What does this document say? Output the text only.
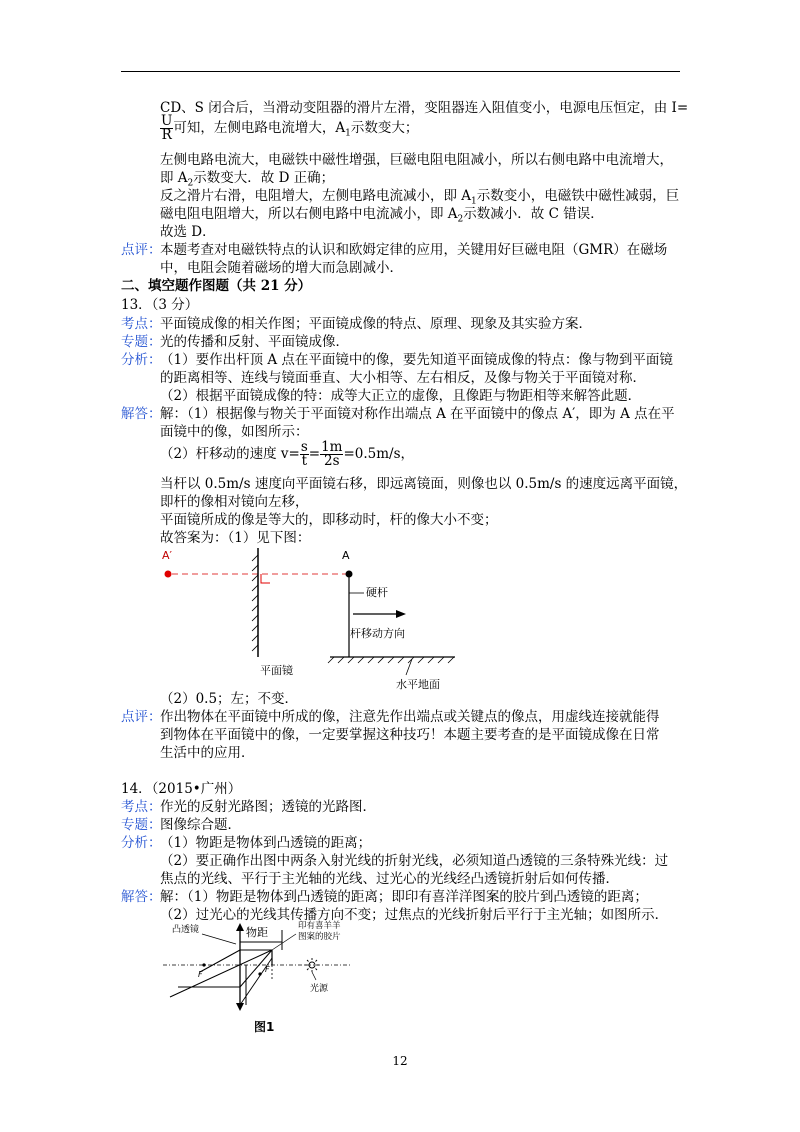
CD、S 闭合后，当滑动变阻器的滑片左滑，变阻器连入阻值变小，电源电压恒定，由 I=
$\frac{U}{R}$ 可知，左侧电路电流增大，$A_1$示数变大；
左侧电路电流大，电磁铁中磁性增强，巨磁电阻电阻减小，所以右侧电路中电流增大，
即 $A_2$示数变大．故 D 正确；
反之滑片右滑，电阻增大，左侧电路电流减小，即 $A_1$示数变小，电磁铁中磁性减弱，巨
磁电阻电阻增大，所以右侧电路中电流减小，即 $A_2$示数减小．故 C 错误．
故选 D．
点评：
本题考查对电磁铁特点的认识和欧姆定律的应用，关键用好巨磁电阻（GMR）在磁场
中，电阻会随着磁场的增大而急剧减小．
二、填空题作图题（共 21 分）
13．（3 分）
考点：
平面镜成像的相关作图；平面镜成像的特点、原理、现象及其实验方案．
专题：
光的传播和反射、平面镜成像．
分析：
（1）要作出杆顶 A 点在平面镜中的像，要先知道平面镜成像的特点：像与物到平面镜
的距离相等、连线与镜面垂直、大小相等、左右相反，及像与物关于平面镜对称．
（2）根据平面镜成像的特：成等大正立的虚像，且像距与物距相等来解答此题．
解答：
解：（1）根据像与物关于平面镜对称作出端点 A 在平面镜中的像点 A′，即为 A 点在平
面镜中的像，如图所示：
（2）杆移动的速度 $v= \frac{s}{t} = \frac{1m}{2s} =0.5m/s$，
当杆以 0.5m/s 速度向平面镜右移，即远离镜面，则像也以 0.5m/s 的速度远离平面镜，
即杆的像相对镜向左移，
平面镜所成的像是等大的，即移动时，杆的像大小不变；
故答案为：（1）见下图：
A′
平面镜
A
硬杆
杆移动方向
水平地面
（2）0.5；左；不变．
点评：
作出物体在平面镜中所成的像，注意先作出端点或关键点的像点，用虚线连接就能得
到物体在平面镜中的像，一定要掌握这种技巧！本题主要考查的是平面镜成像在日常
生活中的应用．
14．（2015•广州）
考点：
作光的反射光路图；透镜的光路图．
专题：
图像综合题．
分析：
（1）物距是物体到凸透镜的距离；
（2）要正确作出图中两条入射光线的折射光线，必须知道凸透镜的三条特殊光线：过
焦点的光线、平行于主光轴的光线、过光心的光线经凸透镜折射后如何传播．
解答：
解：（1）物距是物体到凸透镜的距离；即印有喜洋洋图案的胶片到凸透镜的距离；
（2）过光心的光线其传播方向不变；过焦点的光线折射后平行于主光轴；如图所示．
凸透镜	物距	印有喜羊羊
图案的胶片
F
F
光源
图1
12
